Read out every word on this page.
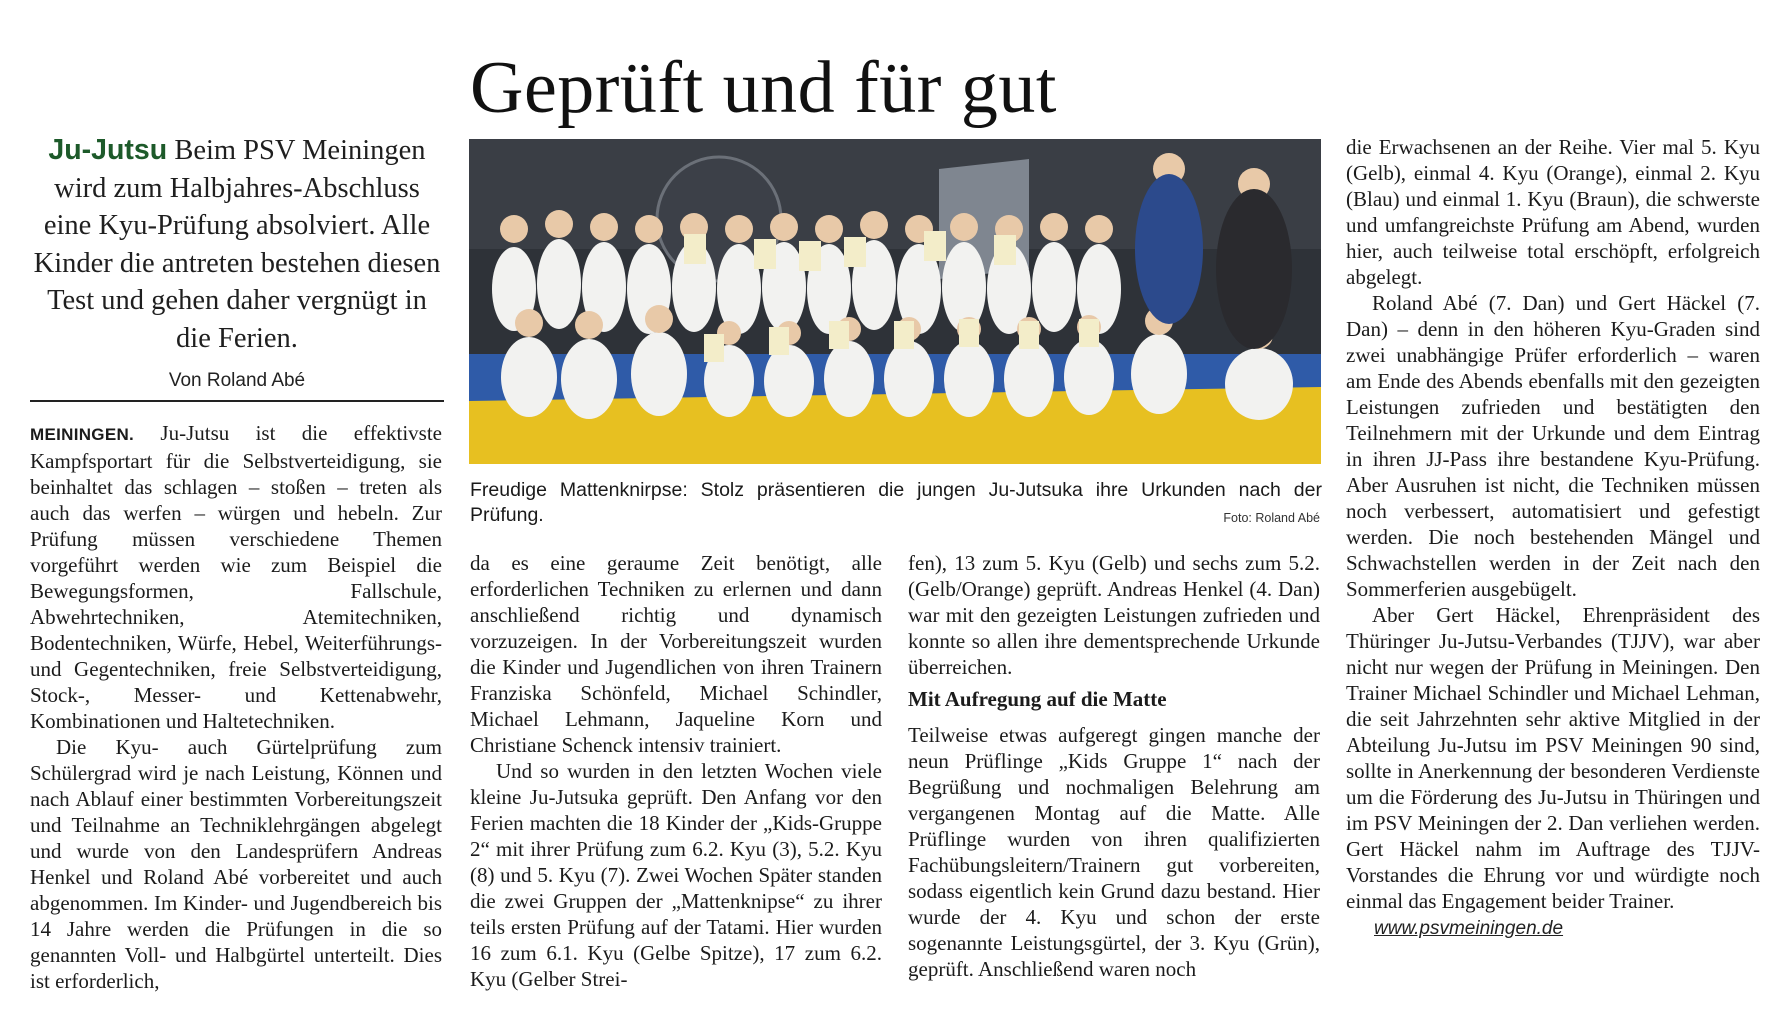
Geprüft und für gut
Ju-Jutsu Beim PSV Meiningen wird zum Halbjahres-Abschluss eine Kyu-Prüfung absolviert. Alle Kinder die antreten bestehen diesen Test und gehen daher vergnügt in die Ferien.
Von Roland Abé

MEININGEN. Ju-Jutsu ist die effektivste Kampfsportart für die Selbstverteidigung, sie beinhaltet das schlagen – stoßen – treten als auch das werfen – würgen und hebeln. Zur Prüfung müssen verschiedene Themen vorgeführt werden wie zum Beispiel die Bewegungsformen, Fallschule, Abwehrtechniken, Atemitechniken, Bodentechniken, Würfe, Hebel, Weiterführungs- und Gegentechniken, freie Selbstverteidigung, Stock-, Messer- und Kettenabwehr, Kombinationen und Haltetechniken.

Die Kyu- auch Gürtelprüfung zum Schülergrad wird je nach Leistung, Können und nach Ablauf einer bestimmten Vorbereitungszeit und Teilnahme an Techniklehrgängen abgelegt und wurde von den Landesprüfern Andreas Henkel und Roland Abé vorbereitet und auch abgenommen. Im Kinder- und Jugendbereich bis 14 Jahre werden die Prüfungen in die so genannten Voll- und Halbgürtel unterteilt. Dies ist erforderlich,

Freudige Mattenknirpse: Stolz präsentieren die jungen Ju-Jutsuka ihre Urkunden nach der Prüfung.	Foto: Roland Abé

da es eine geraume Zeit benötigt, alle erforderlichen Techniken zu erlernen und dann anschließend richtig und dynamisch vorzuzeigen. In der Vorbereitungszeit wurden die Kinder und Jugendlichen von ihren Trainern Franziska Schönfeld, Michael Schindler, Michael Lehmann, Jaqueline Korn und Christiane Schenck intensiv trainiert.

Und so wurden in den letzten Wochen viele kleine Ju-Jutsuka geprüft. Den Anfang vor den Ferien machten die 18 Kinder der „Kids-Gruppe 2“ mit ihrer Prüfung zum 6.2. Kyu (3), 5.2. Kyu (8) und 5. Kyu (7). Zwei Wochen Später standen die zwei Gruppen der „Mattenknipse“ zu ihrer teils ersten Prüfung auf der Tatami. Hier wurden 16 zum 6.1. Kyu (Gelbe Spitze), 17 zum 6.2. Kyu (Gelber Strei-

fen), 13 zum 5. Kyu (Gelb) und sechs zum 5.2. (Gelb/Orange) geprüft. Andreas Henkel (4. Dan) war mit den gezeigten Leistungen zufrieden und konnte so allen ihre dementsprechende Urkunde überreichen.

Mit Aufregung auf die Matte

Teilweise etwas aufgeregt gingen manche der neun Prüflinge „Kids Gruppe 1“ nach der Begrüßung und nochmaligen Belehrung am vergangenen Montag auf die Matte. Alle Prüflinge wurden von ihren qualifizierten Fachübungsleitern/Trainern gut vorbereiten, sodass eigentlich kein Grund dazu bestand. Hier wurde der 4. Kyu und schon der erste sogenannte Leistungsgürtel, der 3. Kyu (Grün), geprüft. Anschließend waren noch

die Erwachsenen an der Reihe. Vier mal 5. Kyu (Gelb), einmal 4. Kyu (Orange), einmal 2. Kyu (Blau) und einmal 1. Kyu (Braun), die schwerste und umfangreichste Prüfung am Abend, wurden hier, auch teilweise total erschöpft, erfolgreich abgelegt.

Roland Abé (7. Dan) und Gert Häckel (7. Dan) – denn in den höheren Kyu-Graden sind zwei unabhängige Prüfer erforderlich – waren am Ende des Abends ebenfalls mit den gezeigten Leistungen zufrieden und bestätigten den Teilnehmern mit der Urkunde und dem Eintrag in ihren JJ-Pass ihre bestandene Kyu-Prüfung. Aber Ausruhen ist nicht, die Techniken müssen noch verbessert, automatisiert und gefestigt werden. Die noch bestehenden Mängel und Schwachstellen werden in der Zeit nach den Sommerferien ausgebügelt.

Aber Gert Häckel, Ehrenpräsident des Thüringer Ju-Jutsu-Verbandes (TJJV), war aber nicht nur wegen der Prüfung in Meiningen. Den Trainer Michael Schindler und Michael Lehman, die seit Jahrzehnten sehr aktive Mitglied in der Abteilung Ju-Jutsu im PSV Meiningen 90 sind, sollte in Anerkennung der besonderen Verdienste um die Förderung des Ju-Jutsu in Thüringen und im PSV Meiningen der 2. Dan verliehen werden. Gert Häckel nahm im Auftrage des TJJV-Vorstandes die Ehrung vor und würdigte noch einmal das Engagement beider Trainer.

www.psvmeiningen.de
